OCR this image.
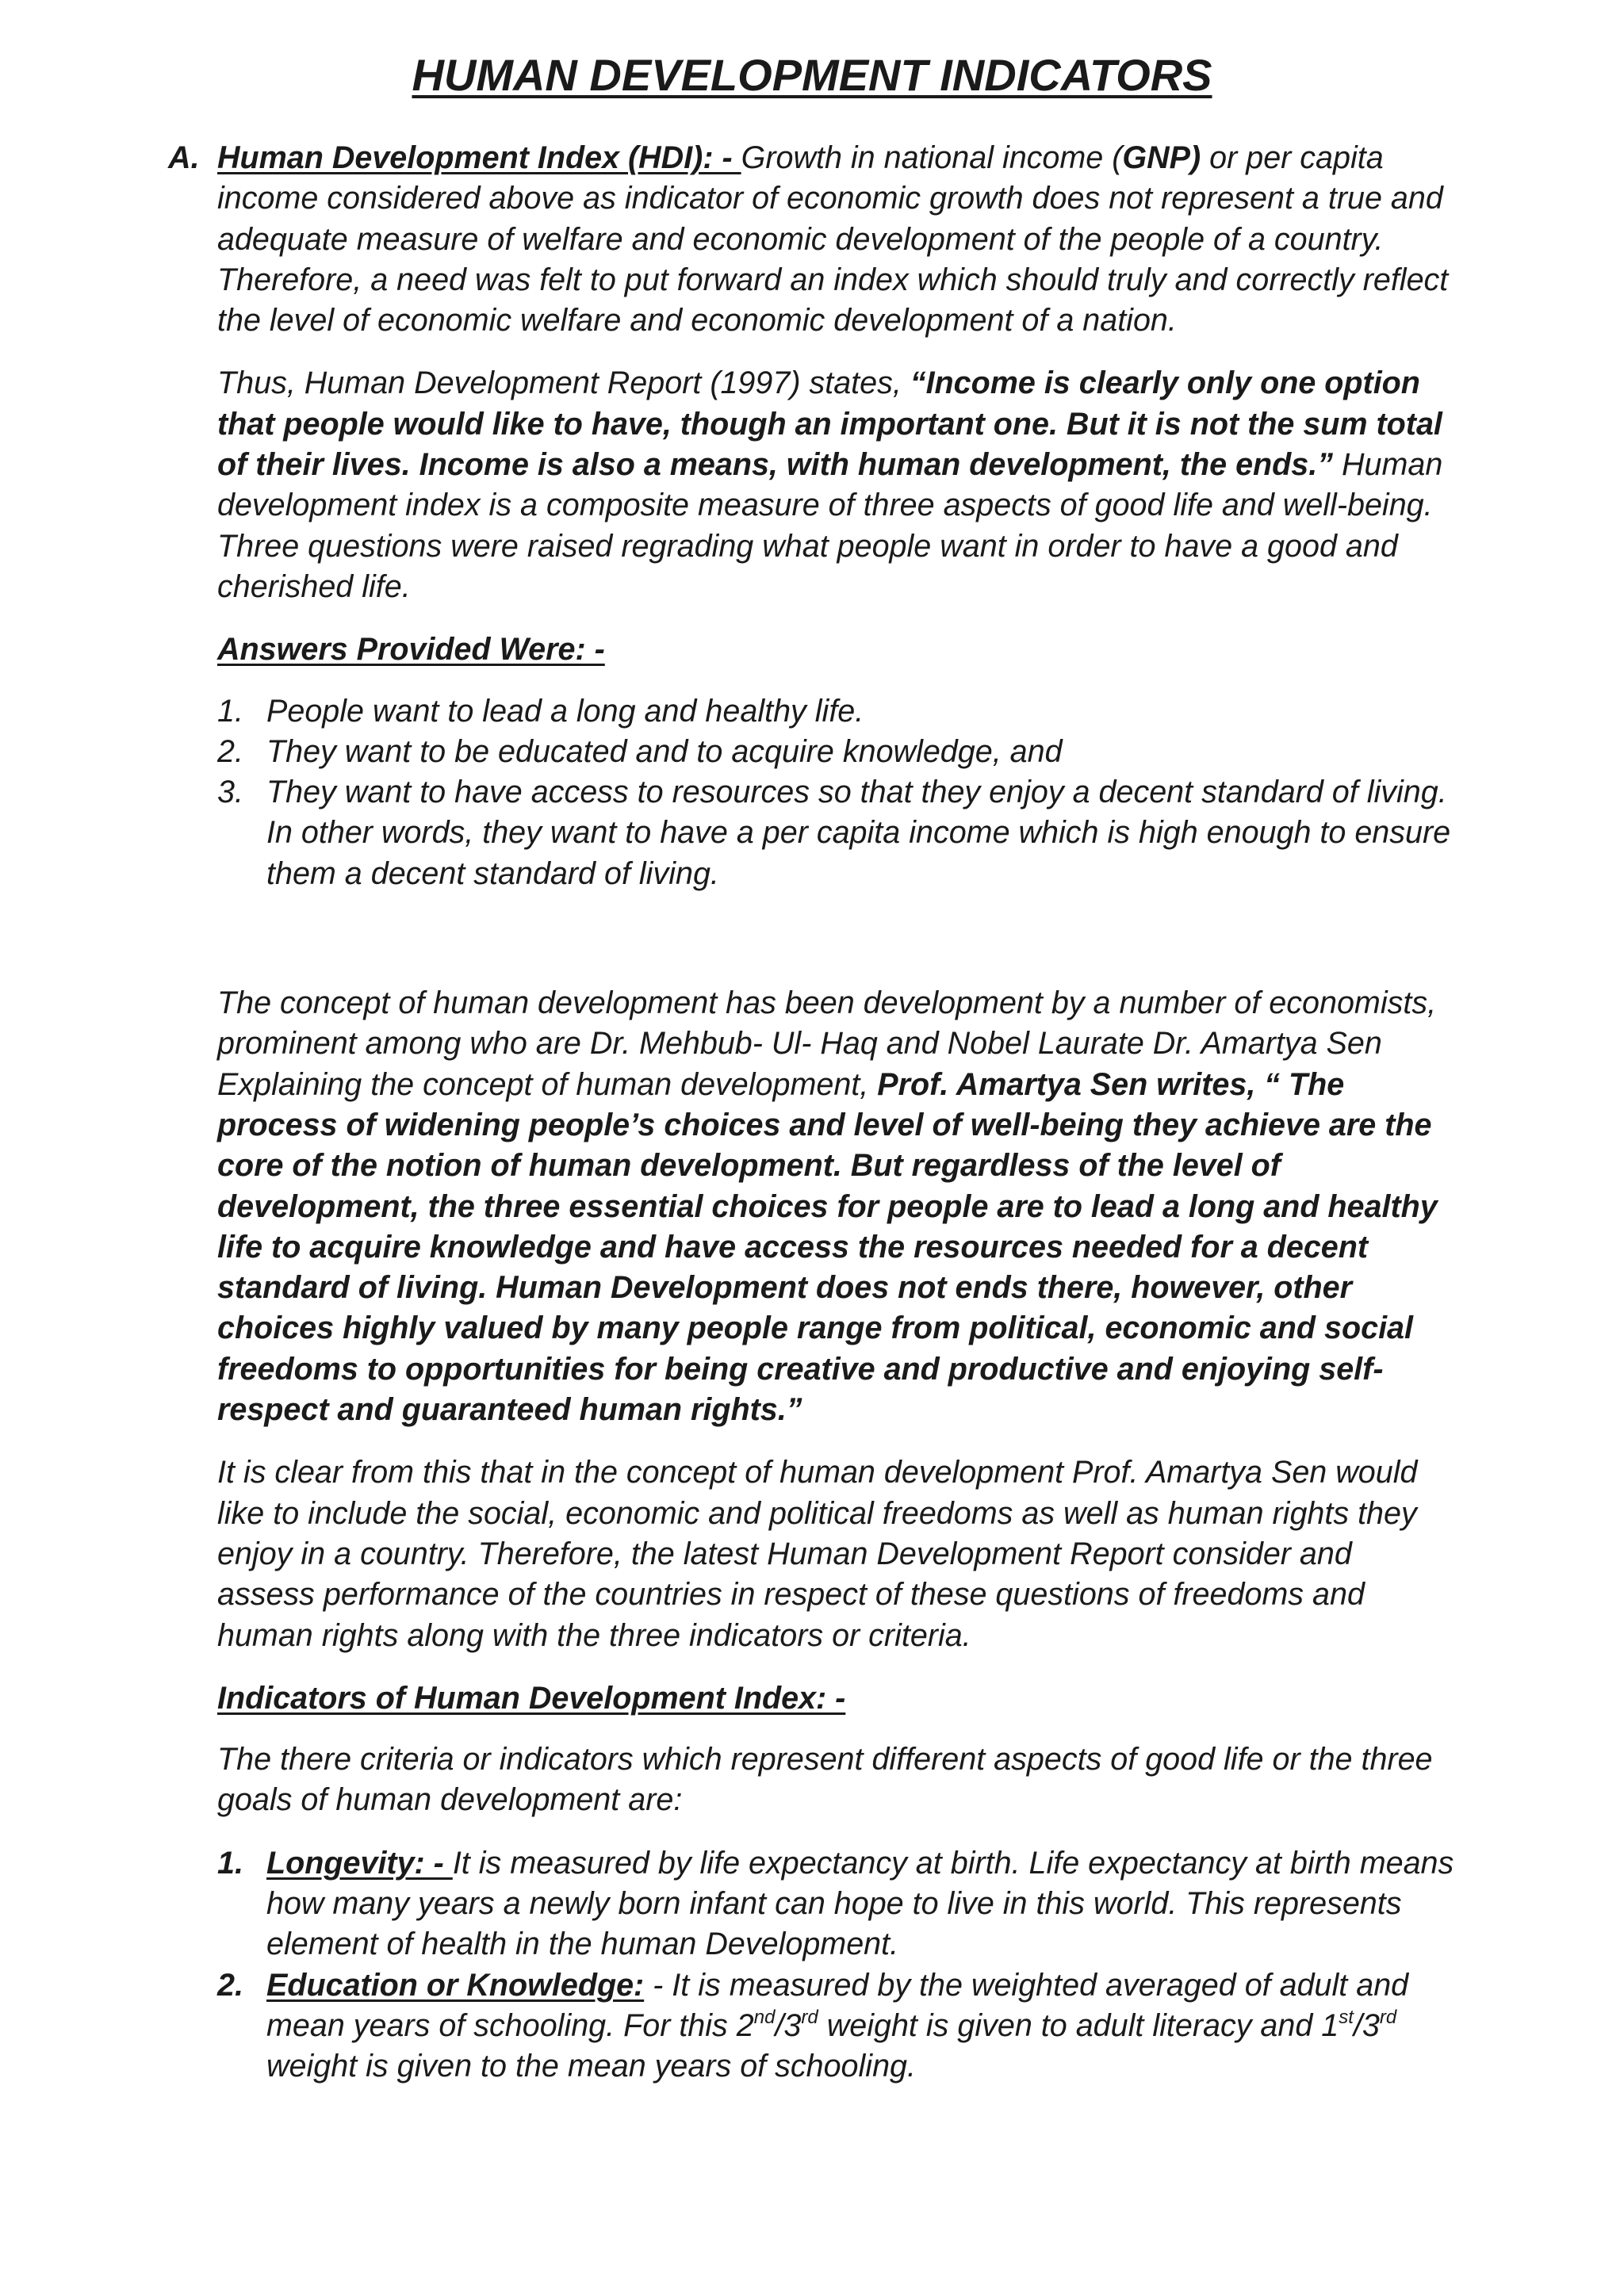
HUMAN DEVELOPMENT INDICATORS
A. Human Development Index (HDI): - Growth in national income (GNP) or per capita income considered above as indicator of economic growth does not represent a true and adequate measure of welfare and economic development of the people of a country. Therefore, a need was felt to put forward an index which should truly and correctly reflect the level of economic welfare and economic development of a nation.

Thus, Human Development Report (1997) states, “Income is clearly only one option that people would like to have, though an important one. But it is not the sum total of their lives. Income is also a means, with human development, the ends.” Human development index is a composite measure of three aspects of good life and well-being. Three questions were raised regrading what people want in order to have a good and cherished life.

Answers Provided Were: -

1. People want to lead a long and healthy life.
2. They want to be educated and to acquire knowledge, and
3. They want to have access to resources so that they enjoy a decent standard of living. In other words, they want to have a per capita income which is high enough to ensure them a decent standard of living.

The concept of human development has been development by a number of economists, prominent among who are Dr. Mehbub- Ul- Haq and Nobel Laurate Dr. Amartya Sen Explaining the concept of human development, Prof. Amartya Sen writes, “ The process of widening people’s choices and level of well-being they achieve are the core of the notion of human development. But regardless of the level of development, the three essential choices for people are to lead a long and healthy life to acquire knowledge and have access the resources needed for a decent standard of living. Human Development does not ends there, however, other choices highly valued by many people range from political, economic and social freedoms to opportunities for being creative and productive and enjoying self-respect and guaranteed human rights.”

It is clear from this that in the concept of human development Prof. Amartya Sen would like to include the social, economic and political freedoms as well as human rights they enjoy in a country. Therefore, the latest Human Development Report consider and assess performance of the countries in respect of these questions of freedoms and human rights along with the three indicators or criteria.

Indicators of Human Development Index: -

The there criteria or indicators which represent different aspects of good life or the three goals of human development are:

1. Longevity: - It is measured by life expectancy at birth. Life expectancy at birth means how many years a newly born infant can hope to live in this world. This represents element of health in the human Development.
2. Education or Knowledge: - It is measured by the weighted averaged of adult and mean years of schooling. For this 2nd/3rd weight is given to adult literacy and 1st/3rd weight is given to the mean years of schooling.
